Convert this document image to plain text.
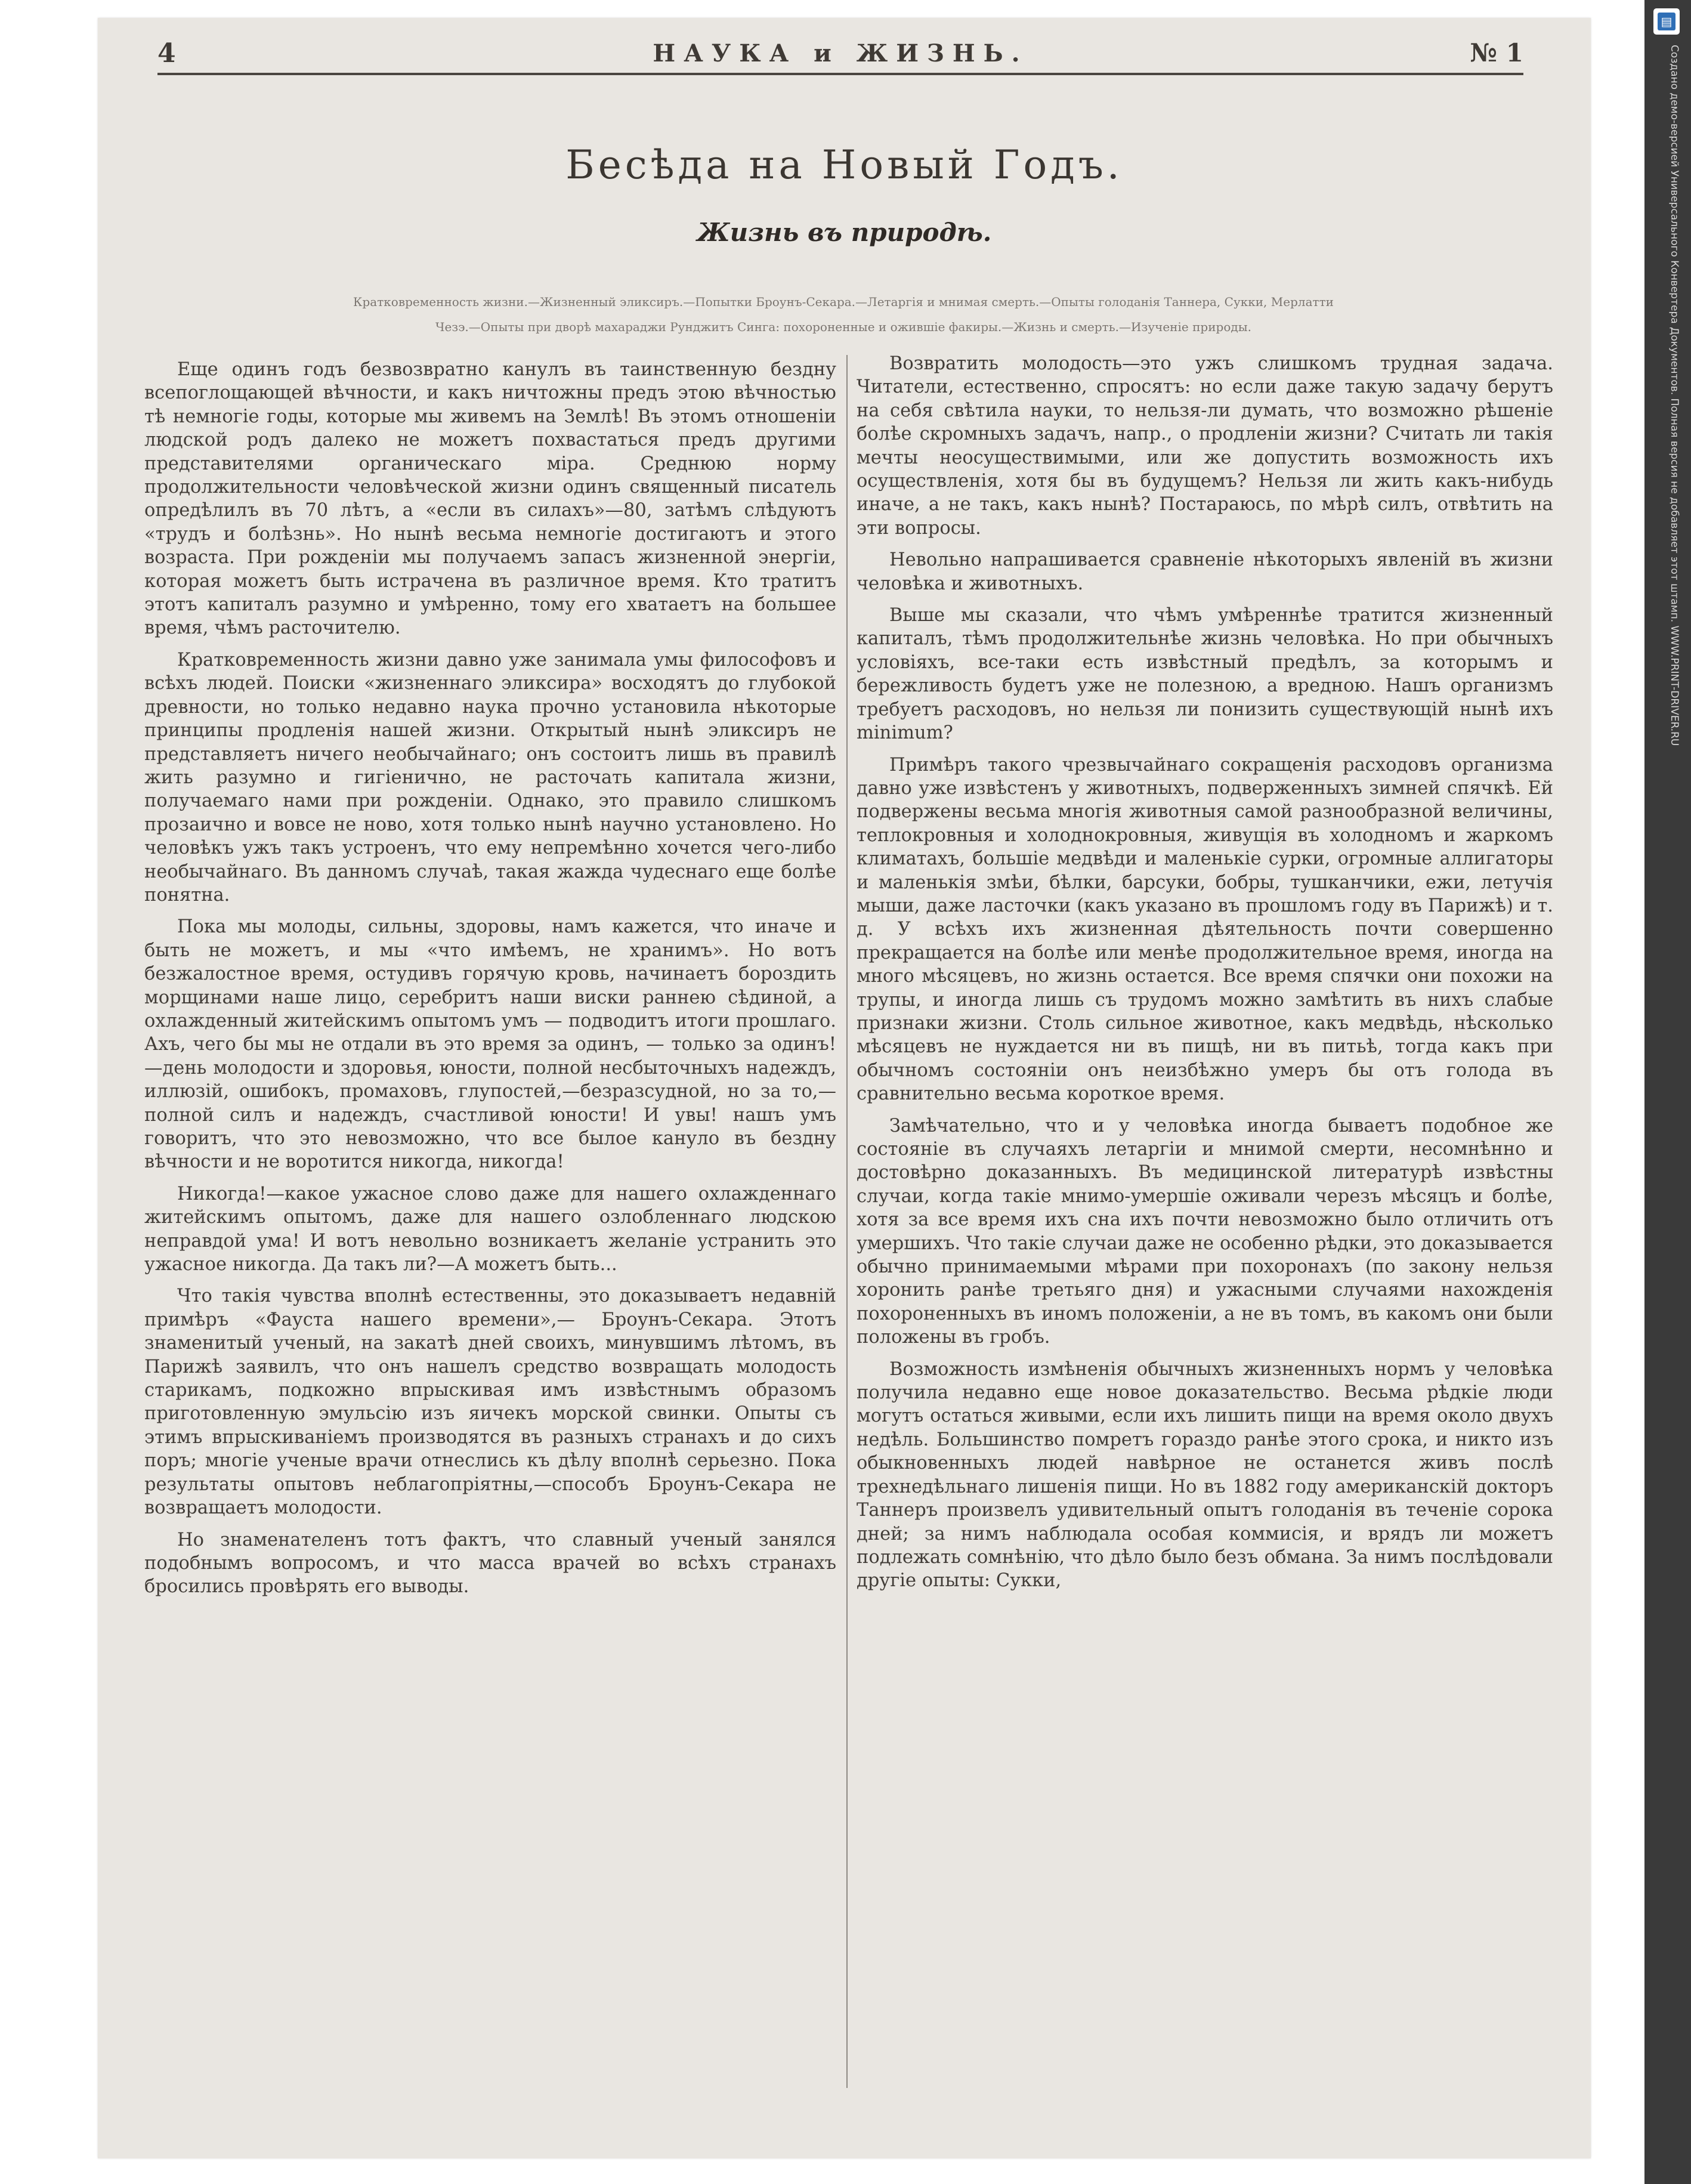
4	НАУКА и ЖИЗНЬ.	№ 1
Бесѣда на Новый Годъ.
Жизнь въ природѣ.
Кратковременность жизни.—Жизненный эликсиръ.—Попытки Броунъ-Секара.—Летаргія и мнимая смерть.—Опыты голоданія Таннера, Сукки, Мерлатти
Чезэ.—Опыты при дворѣ махараджи Рунджитъ Синга: похороненные и ожившіе факиры.—Жизнь и смерть.—Изученіе природы.

Еще одинъ годъ безвозвратно канулъ въ таинственную бездну всепоглощающей вѣчности, и какъ ничтожны предъ этою вѣчностью тѣ немногіе годы, которые мы живемъ на Землѣ! Въ этомъ отношеніи людской родъ далеко не можетъ похвастаться предъ другими представителями органическаго міра. Среднюю норму продолжительности человѣческой жизни одинъ священный писатель опредѣлилъ въ 70 лѣтъ, а «если въ силахъ»—80, затѣмъ слѣдуютъ «трудъ и болѣзнь». Но нынѣ весьма немногіе достигаютъ и этого возраста. При рожденіи мы получаемъ запасъ жизненной энергіи, которая можетъ быть истрачена въ различное время. Кто тратитъ этотъ капиталъ разумно и умѣренно, тому его хватаетъ на большее время, чѣмъ расточителю.

Кратковременность жизни давно уже занимала умы философовъ и всѣхъ людей. Поиски «жизненнаго эликсира» восходятъ до глубокой древности, но только недавно наука прочно установила нѣкоторые принципы продленія нашей жизни. Открытый нынѣ эликсиръ не представляетъ ничего необычайнаго; онъ состоитъ лишь въ правилѣ жить разумно и гигіенично, не расточать капитала жизни, получаемаго нами при рожденіи. Однако, это правило слишкомъ прозаично и вовсе не ново, хотя только нынѣ научно установлено. Но человѣкъ ужъ такъ устроенъ, что ему непремѣнно хочется чего-либо необычайнаго. Въ данномъ случаѣ, такая жажда чудеснаго еще болѣе понятна.

Пока мы молоды, сильны, здоровы, намъ кажется, что иначе и быть не можетъ, и мы «что имѣемъ, не хранимъ». Но вотъ безжалостное время, остудивъ горячую кровь, начинаетъ бороздить морщинами наше лицо, серебритъ наши виски раннею сѣдиной, а охлажденный житейскимъ опытомъ умъ — подводитъ итоги прошлаго. Ахъ, чего бы мы не отдали въ это время за одинъ, — только за одинъ!—день молодости и здоровья, юности, полной несбыточныхъ надеждъ, иллюзій, ошибокъ, промаховъ, глупостей,—безразсудной, но за то,—полной силъ и надеждъ, счастливой юности! И увы! нашъ умъ говоритъ, что это невозможно, что все былое кануло въ бездну вѣчности и не воротится никогда, никогда!

Никогда!—какое ужасное слово даже для нашего охлажденнаго житейскимъ опытомъ, даже для нашего озлобленнаго людскою неправдой ума! И вотъ невольно возникаетъ желаніе устранить это ужасное никогда. Да такъ ли?—А можетъ быть...

Что такія чувства вполнѣ естественны, это доказываетъ недавній примѣръ «Фауста нашего времени»,— Броунъ-Секара. Этотъ знаменитый ученый, на закатѣ дней своихъ, минувшимъ лѣтомъ, въ Парижѣ заявилъ, что онъ нашелъ средство возвращать молодость старикамъ, подкожно впрыскивая имъ извѣстнымъ образомъ приготовленную эмульсію изъ яичекъ морской свинки. Опыты съ этимъ впрыскиваніемъ производятся въ разныхъ странахъ и до сихъ поръ; многіе ученые врачи отнеслись къ дѣлу вполнѣ серьезно. Пока результаты опытовъ неблагопріятны,—способъ Броунъ-Секара не возвращаетъ молодости.

Но знаменателенъ тотъ фактъ, что славный ученый занялся подобнымъ вопросомъ, и что масса врачей во всѣхъ странахъ бросились провѣрять его выводы.

Возвратить молодость—это ужъ слишкомъ трудная задача. Читатели, естественно, спросятъ: но если даже такую задачу берутъ на себя свѣтила науки, то нельзя-ли думать, что возможно рѣшеніе болѣе скромныхъ задачъ, напр., о продленіи жизни? Считать ли такія мечты неосуществимыми, или же допустить возможность ихъ осуществленія, хотя бы въ будущемъ? Нельзя ли жить какъ-нибудь иначе, а не такъ, какъ нынѣ? Постараюсь, по мѣрѣ силъ, отвѣтить на эти вопросы.

Невольно напрашивается сравненіе нѣкоторыхъ явленій въ жизни человѣка и животныхъ.

Выше мы сказали, что чѣмъ умѣреннѣе тратится жизненный капиталъ, тѣмъ продолжительнѣе жизнь человѣка. Но при обычныхъ условіяхъ, все-таки есть извѣстный предѣлъ, за которымъ и бережливость будетъ уже не полезною, а вредною. Нашъ организмъ требуетъ расходовъ, но нельзя ли понизить существующій нынѣ ихъ minimum?

Примѣръ такого чрезвычайнаго сокращенія расходовъ организма давно уже извѣстенъ у животныхъ, подверженныхъ зимней спячкѣ. Ей подвержены весьма многія животныя самой разнообразной величины, теплокровныя и холоднокровныя, живущія въ холодномъ и жаркомъ климатахъ, большіе медвѣди и маленькіе сурки, огромные аллигаторы и маленькія змѣи, бѣлки, барсуки, бобры, тушканчики, ежи, летучія мыши, даже ласточки (какъ указано въ прошломъ году въ Парижѣ) и т. д. У всѣхъ ихъ жизненная дѣятельность почти совершенно прекращается на болѣе или менѣе продолжительное время, иногда на много мѣсяцевъ, но жизнь остается. Все время спячки они похожи на трупы, и иногда лишь съ трудомъ можно замѣтить въ нихъ слабые признаки жизни. Столь сильное животное, какъ медвѣдь, нѣсколько мѣсяцевъ не нуждается ни въ пищѣ, ни въ питьѣ, тогда какъ при обычномъ состояніи онъ неизбѣжно умеръ бы отъ голода въ сравнительно весьма короткое время.

Замѣчательно, что и у человѣка иногда бываетъ подобное же состояніе въ случаяхъ летаргіи и мнимой смерти, несомнѣнно и достовѣрно доказанныхъ. Въ медицинской литературѣ извѣстны случаи, когда такіе мнимо-умершіе оживали черезъ мѣсяцъ и болѣе, хотя за все время ихъ сна ихъ почти невозможно было отличить отъ умершихъ. Что такіе случаи даже не особенно рѣдки, это доказывается обычно принимаемыми мѣрами при похоронахъ (по закону нельзя хоронить ранѣе третьяго дня) и ужасными случаями нахожденія похороненныхъ въ иномъ положеніи, а не въ томъ, въ какомъ они были положены въ гробъ.

Возможность измѣненія обычныхъ жизненныхъ нормъ у человѣка получила недавно еще новое доказательство. Весьма рѣдкіе люди могутъ остаться живыми, если ихъ лишить пищи на время около двухъ недѣль. Большинство помретъ гораздо ранѣе этого срока, и никто изъ обыкновенныхъ людей навѣрное не останется живъ послѣ трехнедѣльнаго лишенія пищи. Но въ 1882 году американскій докторъ Таннеръ произвелъ удивительный опытъ голоданія въ теченіе сорока дней; за нимъ наблюдала особая коммисія, и врядъ ли можетъ подлежать сомнѣнію, что дѣло было безъ обмана. За нимъ послѣдовали другіе опыты: Сукки,

▤
Создано демо-версией Универсального Конвертера Документов. Полная версия не добавляет этот штамп. WWW.PRINT-DRIVER.RU
